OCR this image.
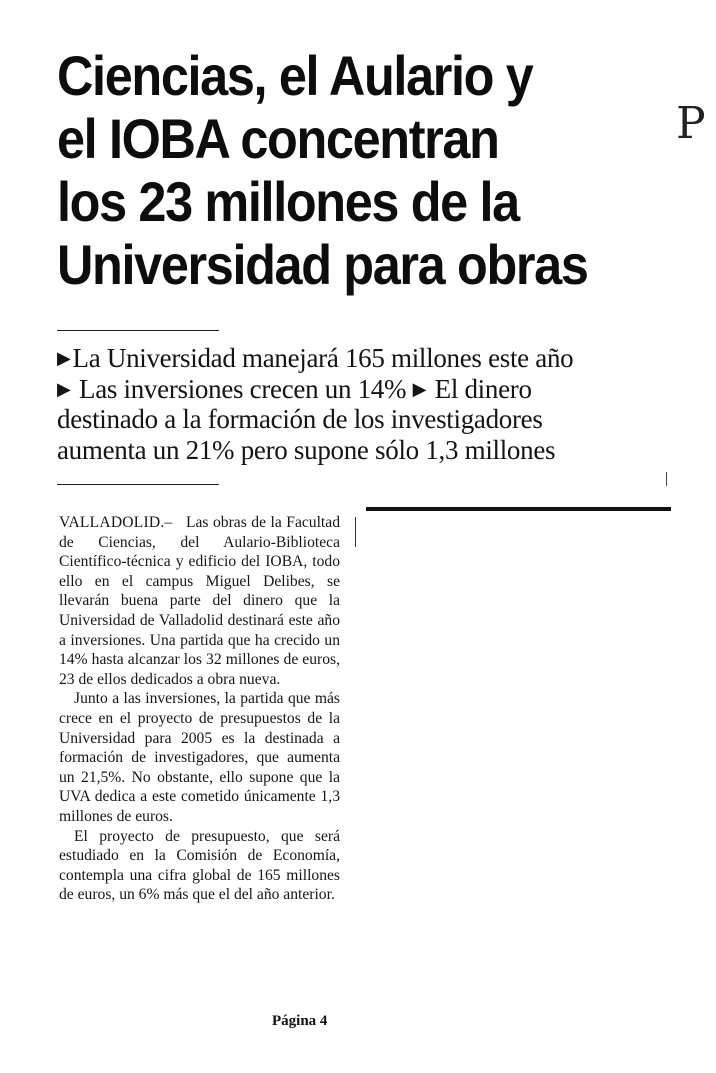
Ciencias, el Aulario y
el IOBA concentran
los 23 millones de la
Universidad para obras
P
▶La Universidad manejará 165 millones este año
▶ Las inversiones crecen un 14% ▶ El dinero
destinado a la formación de los investigadores
aumenta un 21% pero supone sólo 1,3 millones

VALLADOLID.– Las obras de la Facultad de Ciencias, del Aulario-Biblioteca Científico-técnica y edificio del IOBA, todo ello en el campus Miguel Delibes, se llevarán buena parte del dinero que la Universidad de Valladolid destinará este año a inversiones. Una partida que ha crecido un 14% hasta alcanzar los 32 millones de euros, 23 de ellos dedicados a obra nueva.

Junto a las inversiones, la partida que más crece en el proyecto de presupuestos de la Universidad para 2005 es la destinada a formación de investigadores, que aumenta un 21,5%. No obstante, ello supone que la UVA dedica a este cometido únicamente 1,3 millones de euros.

El proyecto de presupuesto, que será estudiado en la Comisión de Economía, contempla una cifra global de 165 millones de euros, un 6% más que el del año anterior.

Página 4
